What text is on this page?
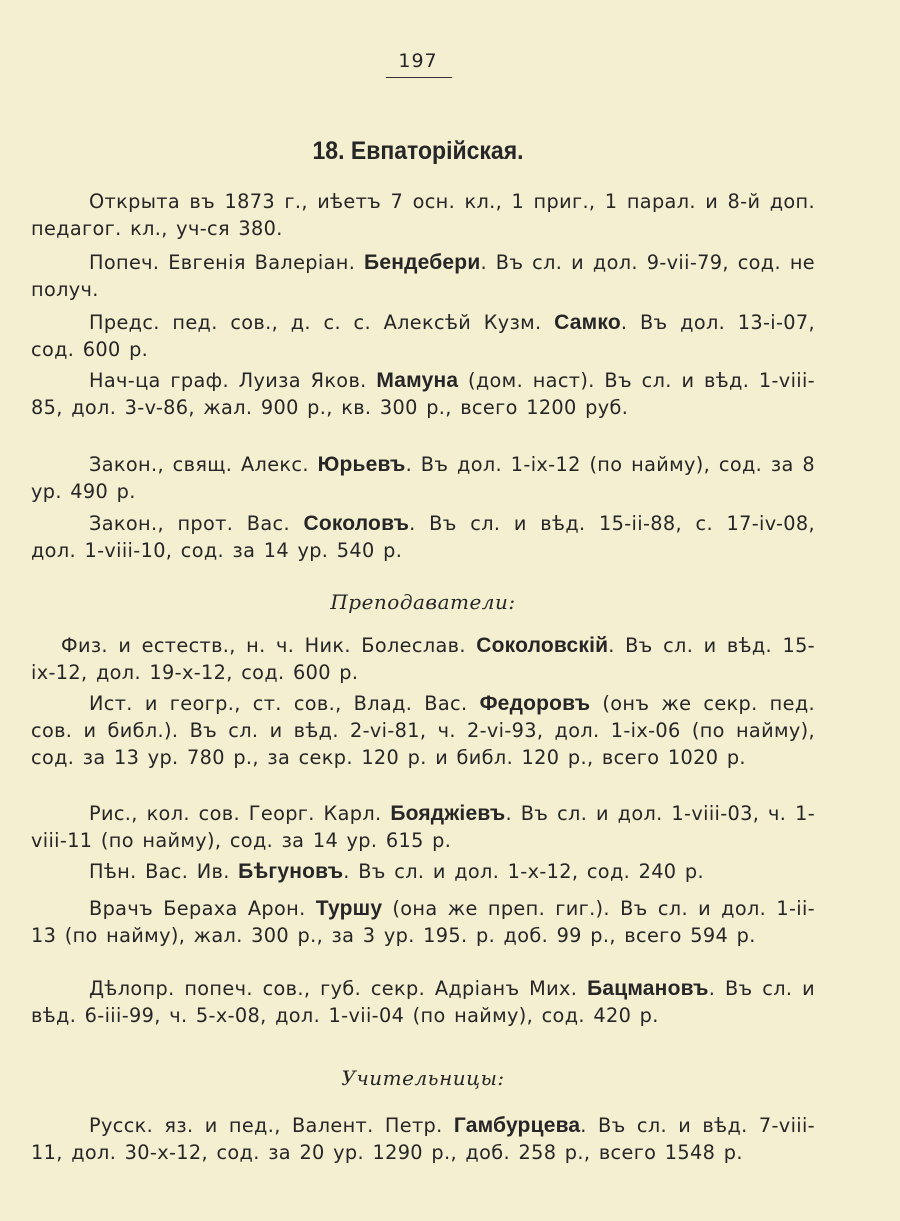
197
18. Евпаторійская.
Открыта въ 1873 г., иѣетъ 7 осн. кл., 1 приг., 1 парал. и 8-й доп. педагог. кл., уч-ся 380.
Попеч. Евгенія Валеріан. Бендебери. Въ сл. и дол. 9-vii-79, сод. не получ.
Предс. пед. сов., д. с. с. Алексѣй Кузм. Самко. Въ дол. 13-i-07, сод. 600 р.
Нач-ца граф. Луиза Яков. Мамуна (дом. наст). Въ сл. и вѣд. 1-viii-85, дол. 3-v-86, жал. 900 р., кв. 300 р., всего 1200 руб.
Закон., свящ. Алекс. Юрьевъ. Въ дол. 1-ix-12 (по найму), сод. за 8 ур. 490 р.
Закон., прот. Вас. Соколовъ. Въ сл. и вѣд. 15-ii-88, с. 17-iv-08, дол. 1-viii-10, сод. за 14 ур. 540 р.
Преподаватели:
Физ. и естеств., н. ч. Ник. Болеслав. Соколовскій. Въ сл. и вѣд. 15-ix-12, дол. 19-x-12, сод. 600 р.
Ист. и геогр., ст. сов., Влад. Вас. Федоровъ (онъ же секр. пед. сов. и библ.). Въ сл. и вѣд. 2-vi-81, ч. 2-vi-93, дол. 1-ix-06 (по найму), сод. за 13 ур. 780 р., за секр. 120 р. и библ. 120 р., всего 1020 р.
Рис., кол. сов. Георг. Карл. Бояджіевъ. Въ сл. и дол. 1-viii-03, ч. 1-viii-11 (по найму), сод. за 14 ур. 615 р.
Пѣн. Вас. Ив. Бѣгуновъ. Въ сл. и дол. 1-x-12, сод. 240 р.
Врачъ Бераха Арон. Туршу (она же преп. гиг.). Въ сл. и дол. 1-ii-13 (по найму), жал. 300 р., за 3 ур. 195. р. доб. 99 р., всего 594 р.
Дѣлопр. попеч. сов., губ. секр. Адріанъ Мих. Бацмановъ. Въ сл. и вѣд. 6-iii-99, ч. 5-x-08, дол. 1-vii-04 (по найму), сод. 420 р.
Учительницы:
Русск. яз. и пед., Валент. Петр. Гамбурцева. Въ сл. и вѣд. 7-viii-11, дол. 30-x-12, сод. за 20 ур. 1290 р., доб. 258 р., всего 1548 р.
